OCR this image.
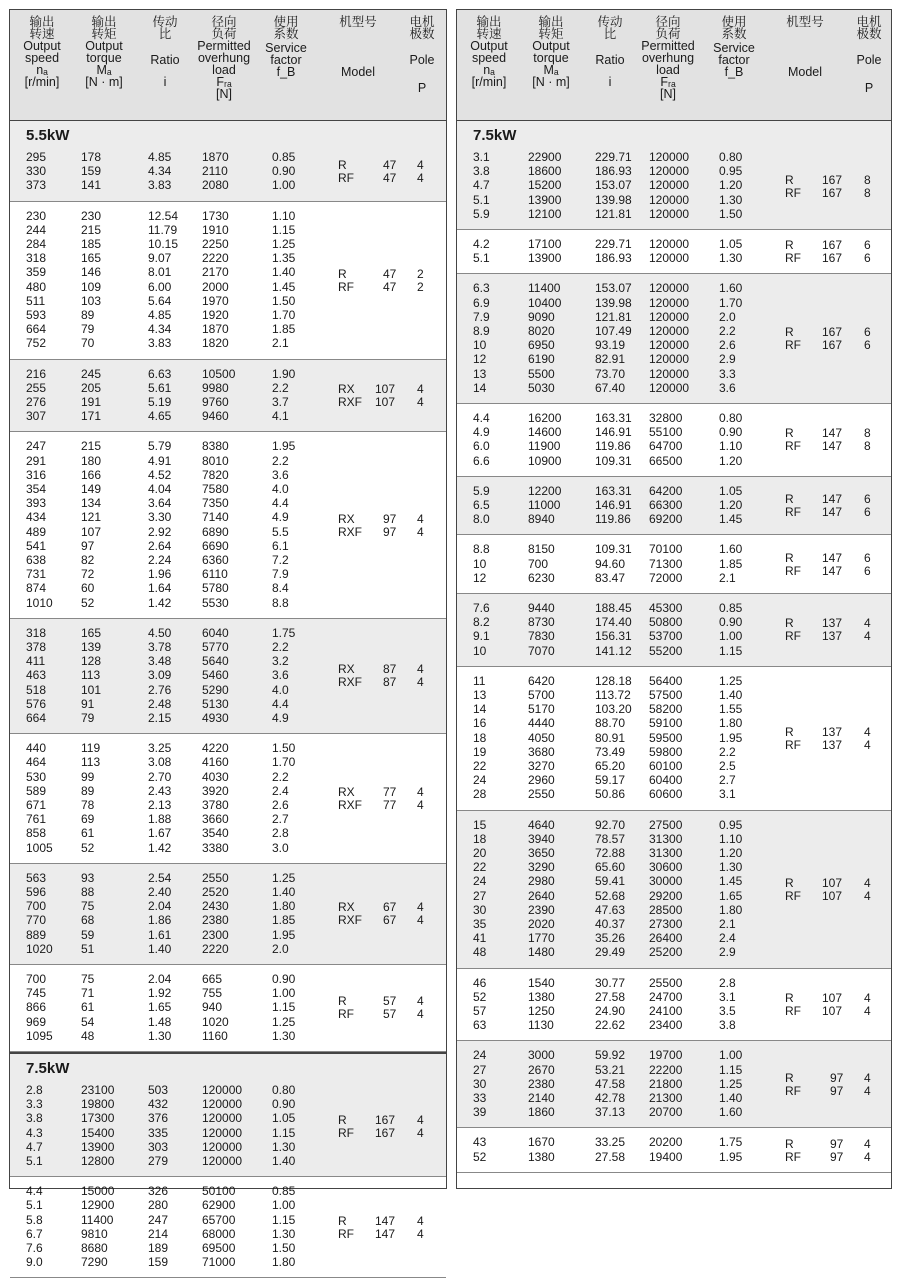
输出
转速
Output
speed
nₐ
[r/min]
输出
转矩
Output
torque
Mₐ
[N · m]
传动
比
Ratio
i
径向
负荷
Permitted
overhung
load
Fᵣₐ
[N]
使用
系数
Service
factor
f_B
机型号
Model
电机
极数
Pole
P
5.5kW
295	178	4.85	1870	0.85
330	159	4.34	2110	0.90
373	141	3.83	2080	1.00
R	47 4
RF 47 4
230	230	12.54 1730	1.10
244	215	11.79 1910	1.15
284	185	10.15 2250	1.25
318	165	9.07	2220	1.35
359	146	8.01	2170	1.40
480	109	6.00	2000	1.45
511	103	5.64	1970	1.50
593	89	4.85	1920	1.70
664	79	4.34	1870	1.85
752	70	3.83	1820	2.1
R	47 2
RF 47 2
216	245	6.63	10500	1.90
255	205	5.61	9980	2.2
276	191	5.19	9760	3.7
307	171	4.65	9460	4.1
RX 107 4
RXF 107 4
247	215	5.79	8380	1.95
291	180	4.91	8010	2.2
316	166	4.52	7820	3.6
354	149	4.04	7580	4.0
393	134	3.64	7350	4.4
434	121	3.30	7140	4.9
489	107	2.92	6890	5.5
541	97	2.64	6690	6.1
638	82	2.24	6360	7.2
731	72	1.96	6110	7.9
874	60	1.64	5780	8.4
1010 52	1.42	5530	8.8
RX 97 4
RXF 97 4
318	165	4.50	6040	1.75
378	139	3.78	5770	2.2
411	128	3.48	5640	3.2
463	113	3.09	5460	3.6
518	101	2.76	5290	4.0
576	91	2.48	5130	4.4
664	79	2.15	4930	4.9
RX 87 4
RXF 87 4
440	119	3.25	4220	1.50
464	113	3.08	4160	1.70
530	99	2.70	4030	2.2
589	89	2.43	3920	2.4
671	78	2.13	3780	2.6
761	69	1.88	3660	2.7
858	61	1.67	3540	2.8
1005 52	1.42	3380	3.0
RX 77 4
RXF 77 4
563	93	2.54	2550	1.25
596	88	2.40	2520	1.40
700	75	2.04	2430	1.80
770	68	1.86	2380	1.85
889	59	1.61	2300	1.95
1020 51	1.40	2220	2.0
RX 67 4
RXF 67 4
700	75	2.04	665	0.90
745	71	1.92	755	1.00
866	61	1.65	940	1.15
969	54	1.48	1020	1.25
1095 48	1.30	1160	1.30
R	57 4
RF 57 4
7.5kW
2.8	23100	503	120000 0.80
3.3	19800	432	120000 0.90
3.8	17300	376	120000 1.05
4.3	15400	335	120000 1.15
4.7	13900	303	120000 1.30
5.1	12800	279	120000 1.40
R 167 4
RF 167 4
4.4	15000	326	50100	0.85
5.1	12900	280	62900	1.00
5.8	11400	247	65700	1.15
6.7	9810	214	68000	1.30
7.6	8680	189	69500	1.50
9.0	7290	159	71000	1.80
R 147 4
RF 147 4
输出
转速
Output
speed
nₐ
[r/min]
输出
转矩
Output
torque
Mₐ
[N · m]
传动
比
Ratio
i
径向
负荷
Permitted
overhung
load
Fᵣₐ
[N]
使用
系数
Service
factor
f_B
机型号
Model
电机
极数
Pole
P
7.5kW
3.1	22900	229.71 120000 0.80
3.8	18600	186.93 120000 0.95
4.7	15200	153.07 120000 1.20
5.1	13900	139.98 120000 1.30
5.9	12100	121.81 120000 1.50
R 167 8
RF 167 8
4.2	17100	229.71 120000 1.05
5.1	13900	186.93 120000 1.30
R 167 6
RF 167 6
6.3	11400	153.07 120000 1.60
6.9	10400	139.98 120000 1.70
7.9	9090	121.81 120000 2.0
8.9	8020	107.49 120000 2.2
10	6950	93.19 120000 2.6
12	6190	82.91 120000 2.9
13	5500	73.70 120000 3.3
14	5030	67.40 120000 3.6
R 167 6
RF 167 6
4.4	16200	163.31 32800	0.80
4.9	14600	146.91 55100	0.90
6.0	11900	119.86 64700	1.10
6.6	10900	109.31 66500	1.20
R 147 8
RF 147 8
5.9	12200	163.31 64200	1.05
6.5	11000	146.91 66300	1.20
8.0	8940	119.86 69200	1.45
R 147 6
RF 147 6
8.8	8150	109.31 70100	1.60
10	700	94.60 71300	1.85
12	6230	83.47 72000	2.1
R 147 6
RF 147 6
7.6	9440	188.45 45300	0.85
8.2	8730	174.40 50800	0.90
9.1	7830	156.31 53700	1.00
10	7070	141.12 55200	1.15
R 137 4
RF 137 4
11	6420	128.18 56400	1.25
13	5700	113.72 57500	1.40
14	5170	103.20 58200	1.55
16	4440	88.70 59100	1.80
18	4050	80.91 59500	1.95
19	3680	73.49 59800	2.2
22	3270	65.20 60100	2.5
24	2960	59.17 60400	2.7
28	2550	50.86 60600	3.1
R 137 4
RF 137 4
15	4640	92.70 27500	0.95
18	3940	78.57 31300	1.10
20	3650	72.88 31300	1.20
22	3290	65.60 30600	1.30
24	2980	59.41 30000	1.45
27	2640	52.68 29200	1.65
30	2390	47.63 28500	1.80
35	2020	40.37 27300	2.1
41	1770	35.26 26400	2.4
48	1480	29.49 25200	2.9
R 107 4
RF 107 4
46	1540	30.77 25500	2.8
52	1380	27.58 24700	3.1
57	1250	24.90 24100	3.5
63	1130	22.62 23400	3.8
R 107 4
RF 107 4
24	3000	59.92 19700	1.00
27	2670	53.21 22200	1.15
30	2380	47.58 21800	1.25
33	2140	42.78 21300	1.40
39	1860	37.13 20700	1.60
R	97 4
RF 97 4
43	1670	33.25 20200	1.75
52	1380	27.58 19400	1.95
R	97 4
RF 97 4
